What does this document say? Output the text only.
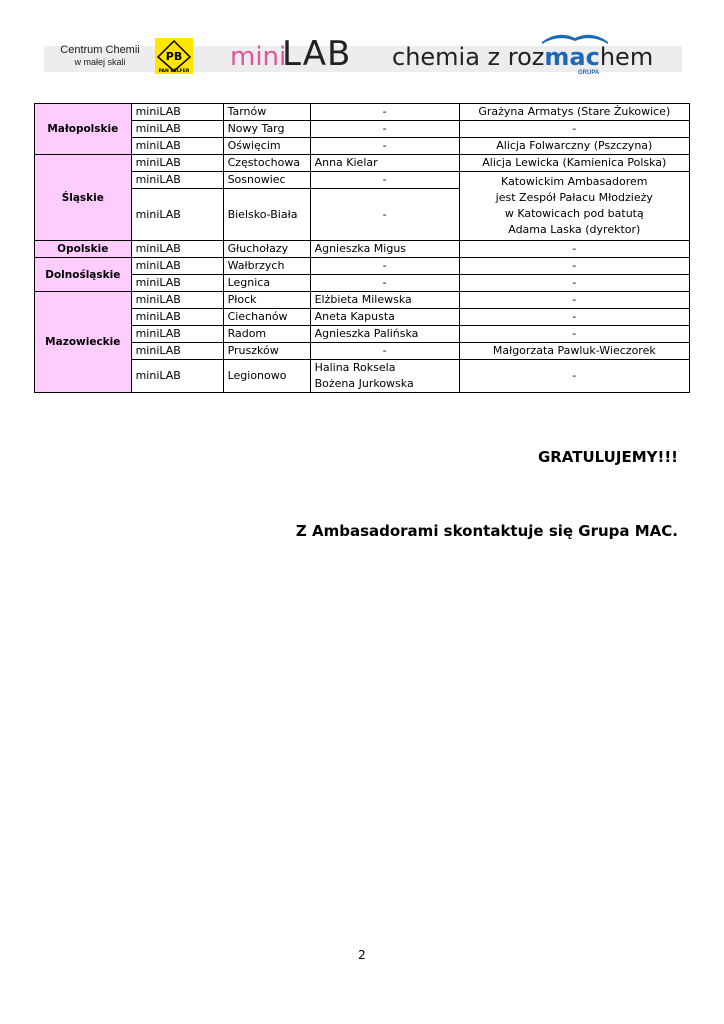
Centrum Chemii
w małej skali	PB
PAN BELFER mini
LAB chemia z rozmachem
GRUPA
Małopolskie	miniLAB	Tarnów	-	Grażyna Armatys (Stare Żukowice)
	miniLAB	Nowy Targ	-	-
	miniLAB	Oświęcim	-	Alicja Folwarczny (Pszczyna)
Śląskie	miniLAB	Częstochowa	Anna Kielar	Alicja Lewicka (Kamienica Polska)
	miniLAB	Sosnowiec	-	Katowickim Ambasadorem
jest Zespół Pałacu Młodzieży
w Katowicach pod batutą
Adama Laska (dyrektor)

	miniLAB	Bielsko-Biała	-	
Opolskie	miniLAB	Głuchołazy	Agnieszka Migus	-
Dolnośląskie	miniLAB	Wałbrzych	-	-
	miniLAB	Legnica	-	-
Mazowieckie	miniLAB	Płock	Elżbieta Milewska	-
	miniLAB	Ciechanów	Aneta Kapusta	-
	miniLAB	Radom	Agnieszka Palińska	-
	miniLAB	Pruszków	-	Małgorzata Pawluk-Wieczorek
	miniLAB	Legionowo	Halina Roksela
Bożena Jurkowska	-
GRATULUJEMY!!!
Z Ambasadorami skontaktuje się Grupa MAC.
2
